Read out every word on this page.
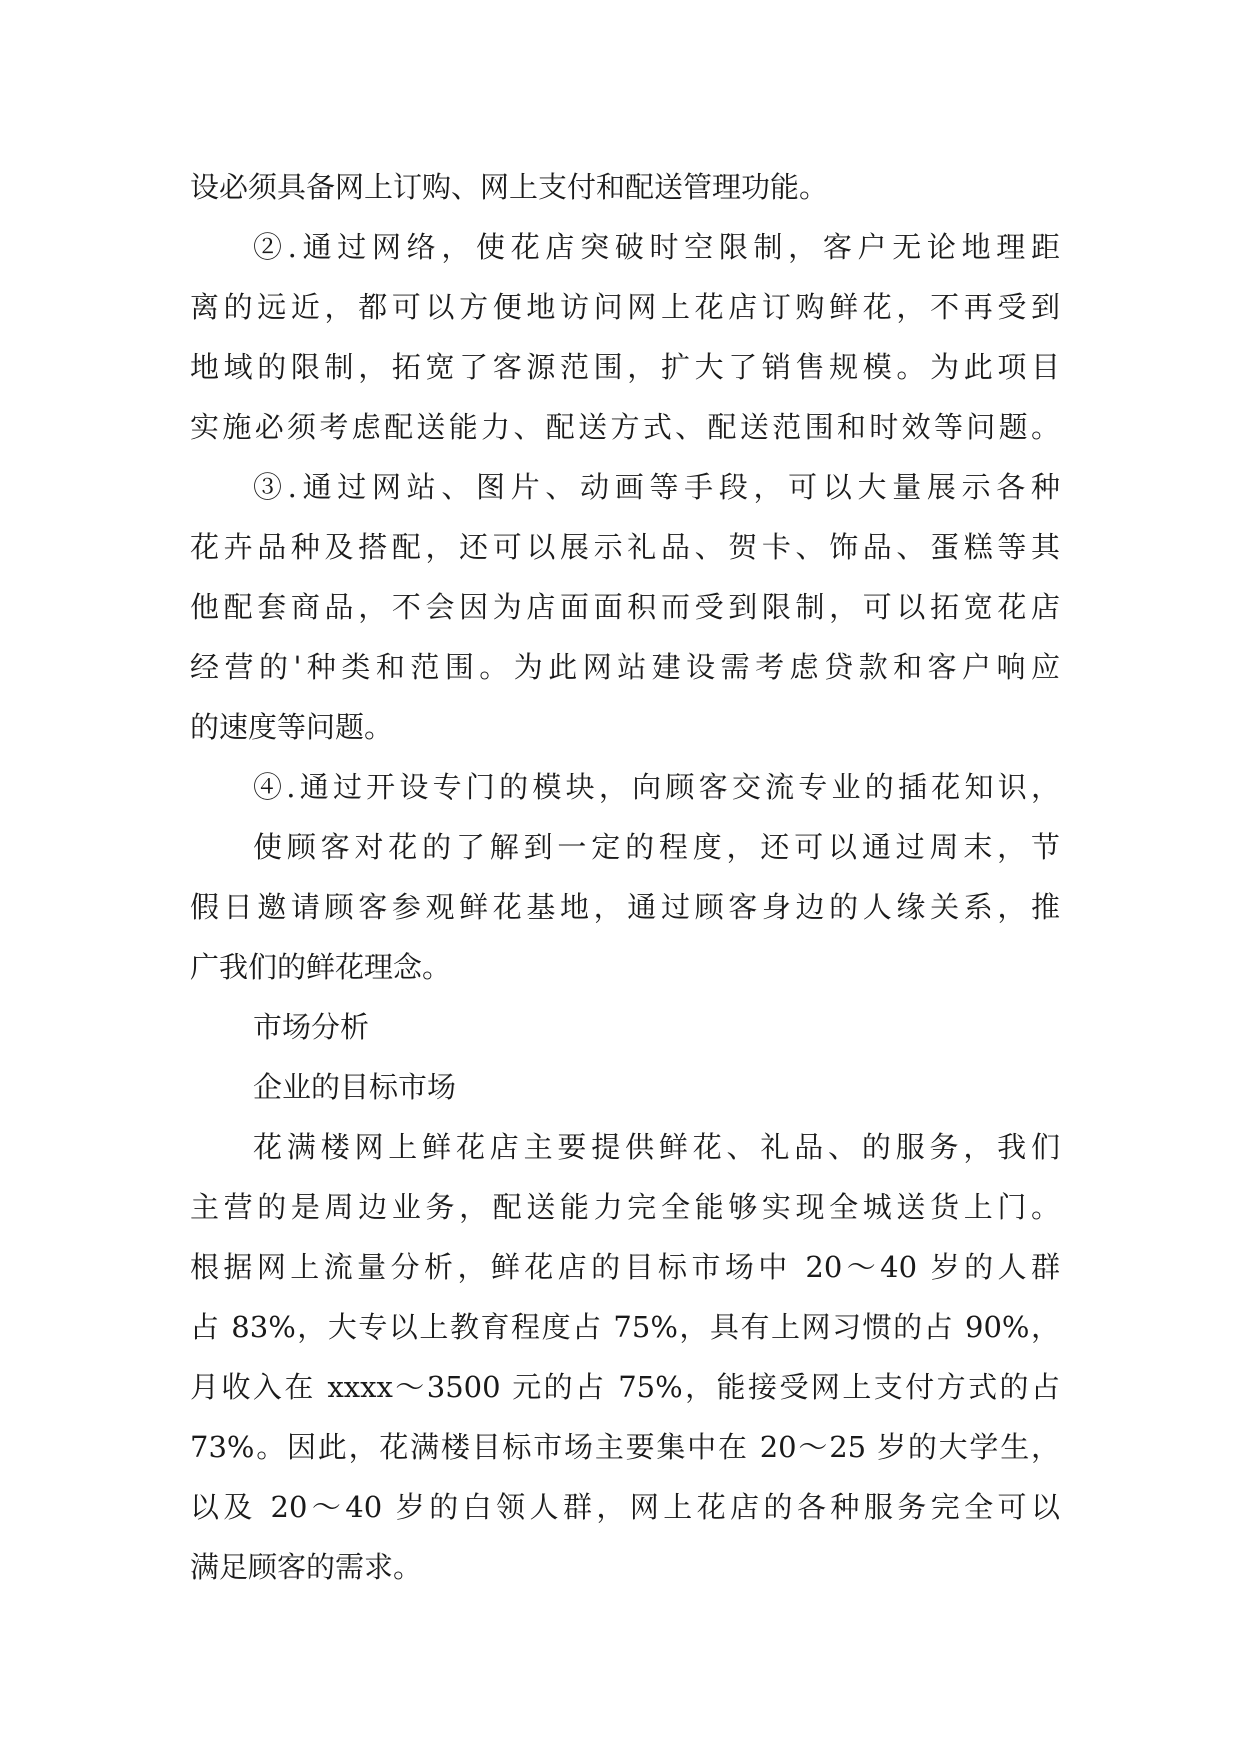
设必须具备网上订购、网上支付和配送管理功能。
②.通过网络，使花店突破时空限制，客户无论地理距
离的远近，都可以方便地访问网上花店订购鲜花，不再受到
地域的限制，拓宽了客源范围，扩大了销售规模。为此项目
实施必须考虑配送能力、配送方式、配送范围和时效等问题。
③.通过网站、图片、动画等手段，可以大量展示各种
花卉品种及搭配，还可以展示礼品、贺卡、饰品、蛋糕等其
他配套商品，不会因为店面面积而受到限制，可以拓宽花店
经营的'种类和范围。为此网站建设需考虑贷款和客户响应
的速度等问题。
④.通过开设专门的模块，向顾客交流专业的插花知识，
使顾客对花的了解到一定的程度，还可以通过周末，节
假日邀请顾客参观鲜花基地，通过顾客身边的人缘关系，推
广我们的鲜花理念。
市场分析
企业的目标市场
花满楼网上鲜花店主要提供鲜花、礼品、的服务，我们
主营的是周边业务，配送能力完全能够实现全城送货上门。
根据网上流量分析，鲜花店的目标市场中 20～40 岁的人群
占 83%，大专以上教育程度占 75%，具有上网习惯的占 90%，
月收入在 xxxx～3500 元的占 75%，能接受网上支付方式的占
73%。因此，花满楼目标市场主要集中在 20～25 岁的大学生，
以及 20～40 岁的白领人群，网上花店的各种服务完全可以
满足顾客的需求。
